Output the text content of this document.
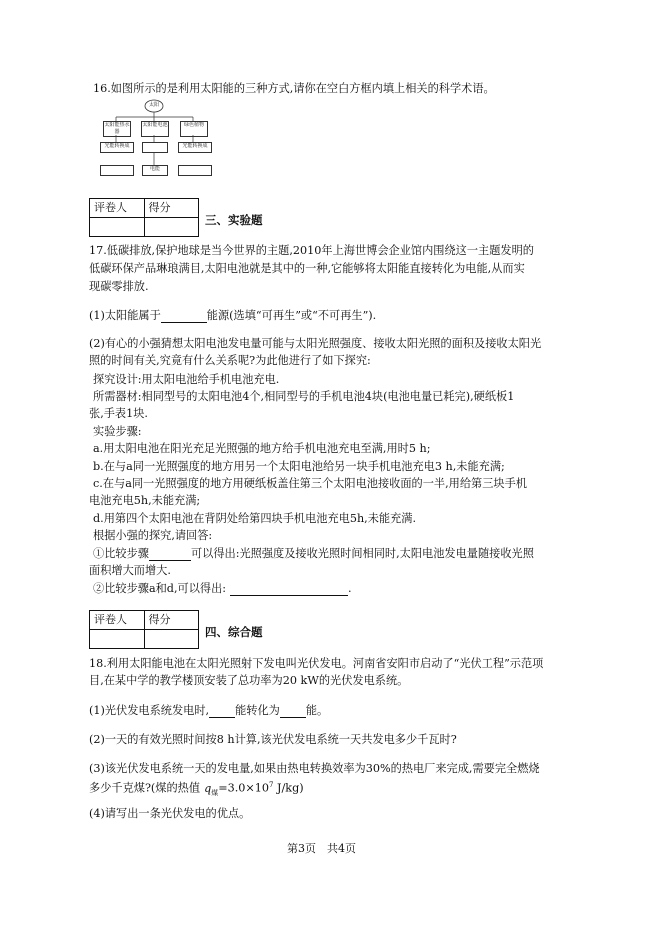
16.如图所示的是利用太阳能的三种方式,请你在空白方框内填上相关的科学术语。
太阳
太阳能热水器
太阳能电池	绿色植物
光能转换成	光能转换成
电能
评卷人	得分

三、实验题
17.低碳排放,保护地球是当今世界的主题,2010年上海世博会企业馆内围绕这一主题发明的
低碳环保产品琳琅满目,太阳电池就是其中的一种,它能够将太阳能直接转化为电能,从而实
现碳零排放.
(1)太阳能属于	能源(选填“可再生”或“不可再生”).
(2)有心的小强猜想太阳电池发电量可能与太阳光照强度、接收太阳光照的面积及接收太阳光
照的时间有关,究竟有什么关系呢?为此他进行了如下探究:
探究设计:用太阳电池给手机电池充电.
所需器材:相同型号的太阳电池4个,相同型号的手机电池4块(电池电量已耗完),硬纸板1
张,手表1块.
实验步骤:
a.用太阳电池在阳光充足光照强的地方给手机电池充电至满,用时5 h;
b.在与a同一光照强度的地方用另一个太阳电池给另一块手机电池充电3 h,未能充满;
c.在与a同一光照强度的地方用硬纸板盖住第三个太阳电池接收面的一半,用给第三块手机
电池充电5h,未能充满;
d.用第四个太阳电池在背阴处给第四块手机电池充电5h,未能充满.
根据小强的探究,请回答:
①比较步骤	可以得出:光照强度及接收光照时间相同时,太阳电池发电量随接收光照
面积增大而增大.
②比较步骤a和d,可以得出:	.
评卷人	得分

四、综合题
18.利用太阳能电池在太阳光照射下发电叫光伏发电。河南省安阳市启动了“光伏工程”示范项
目,在某中学的教学楼顶安装了总功率为20 kW的光伏发电系统。
(1)光伏发电系统发电时, 能转化为 能。
(2)一天的有效光照时间按8 h计算,该光伏发电系统一天共发电多少千瓦时?
(3)该光伏发电系统一天的发电量,如果由热电转换效率为30%的热电厂来完成,需要完全燃烧
多少千克煤?(煤的热值 $q_煤=3.0\times 10^7$ J/kg)
(4)请写出一条光伏发电的优点。
第3页　共4页
